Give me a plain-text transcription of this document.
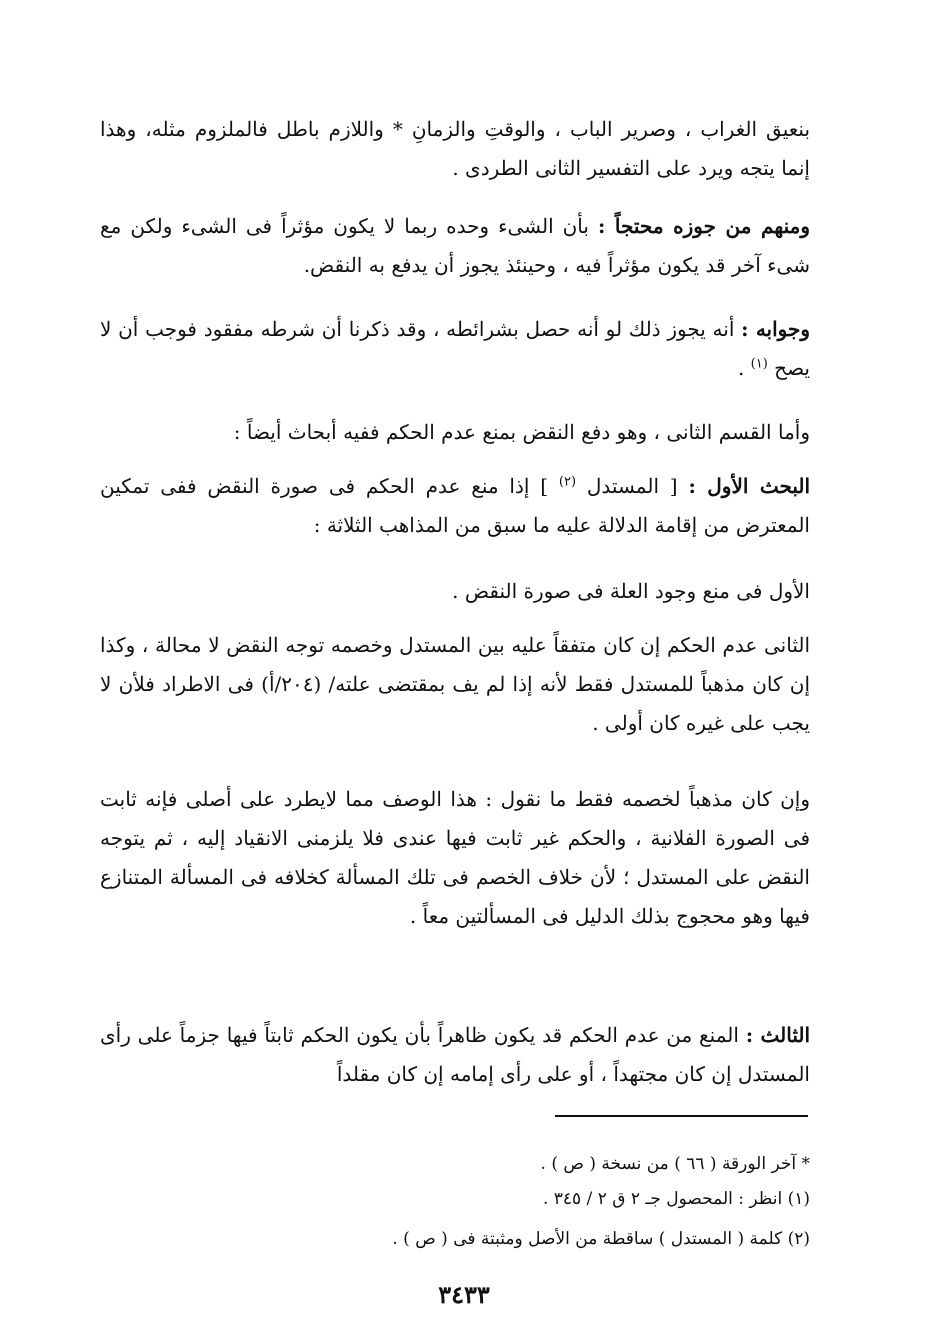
بنعيق الغراب ، وصرير الباب ، والوقتِ والزمانِ * واللازم باطل فالملزوم مثله، وهذا إنما يتجه ويرد على التفسير الثانى الطردى .

ومنهم من جوزه محتجاً : بأن الشىء وحده ربما لا يكون مؤثراً فى الشىء ولكن مع شىء آخر قد يكون مؤثراً فيه ، وحينئذ يجوز أن يدفع به النقض.

وجوابه : أنه يجوز ذلك لو أنه حصل بشرائطه ، وقد ذكرنا أن شرطه مفقود فوجب أن لا يصح $^{(١)}$ .

وأما القسم الثانى ، وهو دفع النقض بمنع عدم الحكم ففيه أبحاث أيضاً :

البحث الأول : [ المستدل $^{(٢)}$ ] إذا منع عدم الحكم فى صورة النقض ففى تمكين المعترض من إقامة الدلالة عليه ما سبق من المذاهب الثلاثة :

الأول فى منع وجود العلة فى صورة النقض .

الثانى عدم الحكم إن كان متفقاً عليه بين المستدل وخصمه توجه النقض لا محالة ، وكذا إن كان مذهباً للمستدل فقط لأنه إذا لم يف بمقتضى علته/ (٢٠٤/أ) فى الاطراد فلأن لا يجب على غيره كان أولى .

وإن كان مذهباً لخصمه فقط ما نقول : هذا الوصف مما لايطرد على أصلى فإنه ثابت فى الصورة الفلانية ، والحكم غير ثابت فيها عندى فلا يلزمنى الانقياد إليه ، ثم يتوجه النقض على المستدل ؛ لأن خلاف الخصم فى تلك المسألة كخلافه فى المسألة المتنازع فيها وهو محجوج بذلك الدليل فى المسألتين معاً .

الثالث : المنع من عدم الحكم قد يكون ظاهراً بأن يكون الحكم ثابتاً فيها جزماً على رأى المستدل إن كان مجتهداً ، أو على رأى إمامه إن كان مقلداً

* آخر الورقة ( ٦٦ ) من نسخة ( ص ) .

(١) انظر : المحصول جـ ٢ ق ٢ / ٣٤٥ .

(٢) كلمة ( المستدل ) ساقطة من الأصل ومثبتة فى ( ص ) .

٣٤٣٣
